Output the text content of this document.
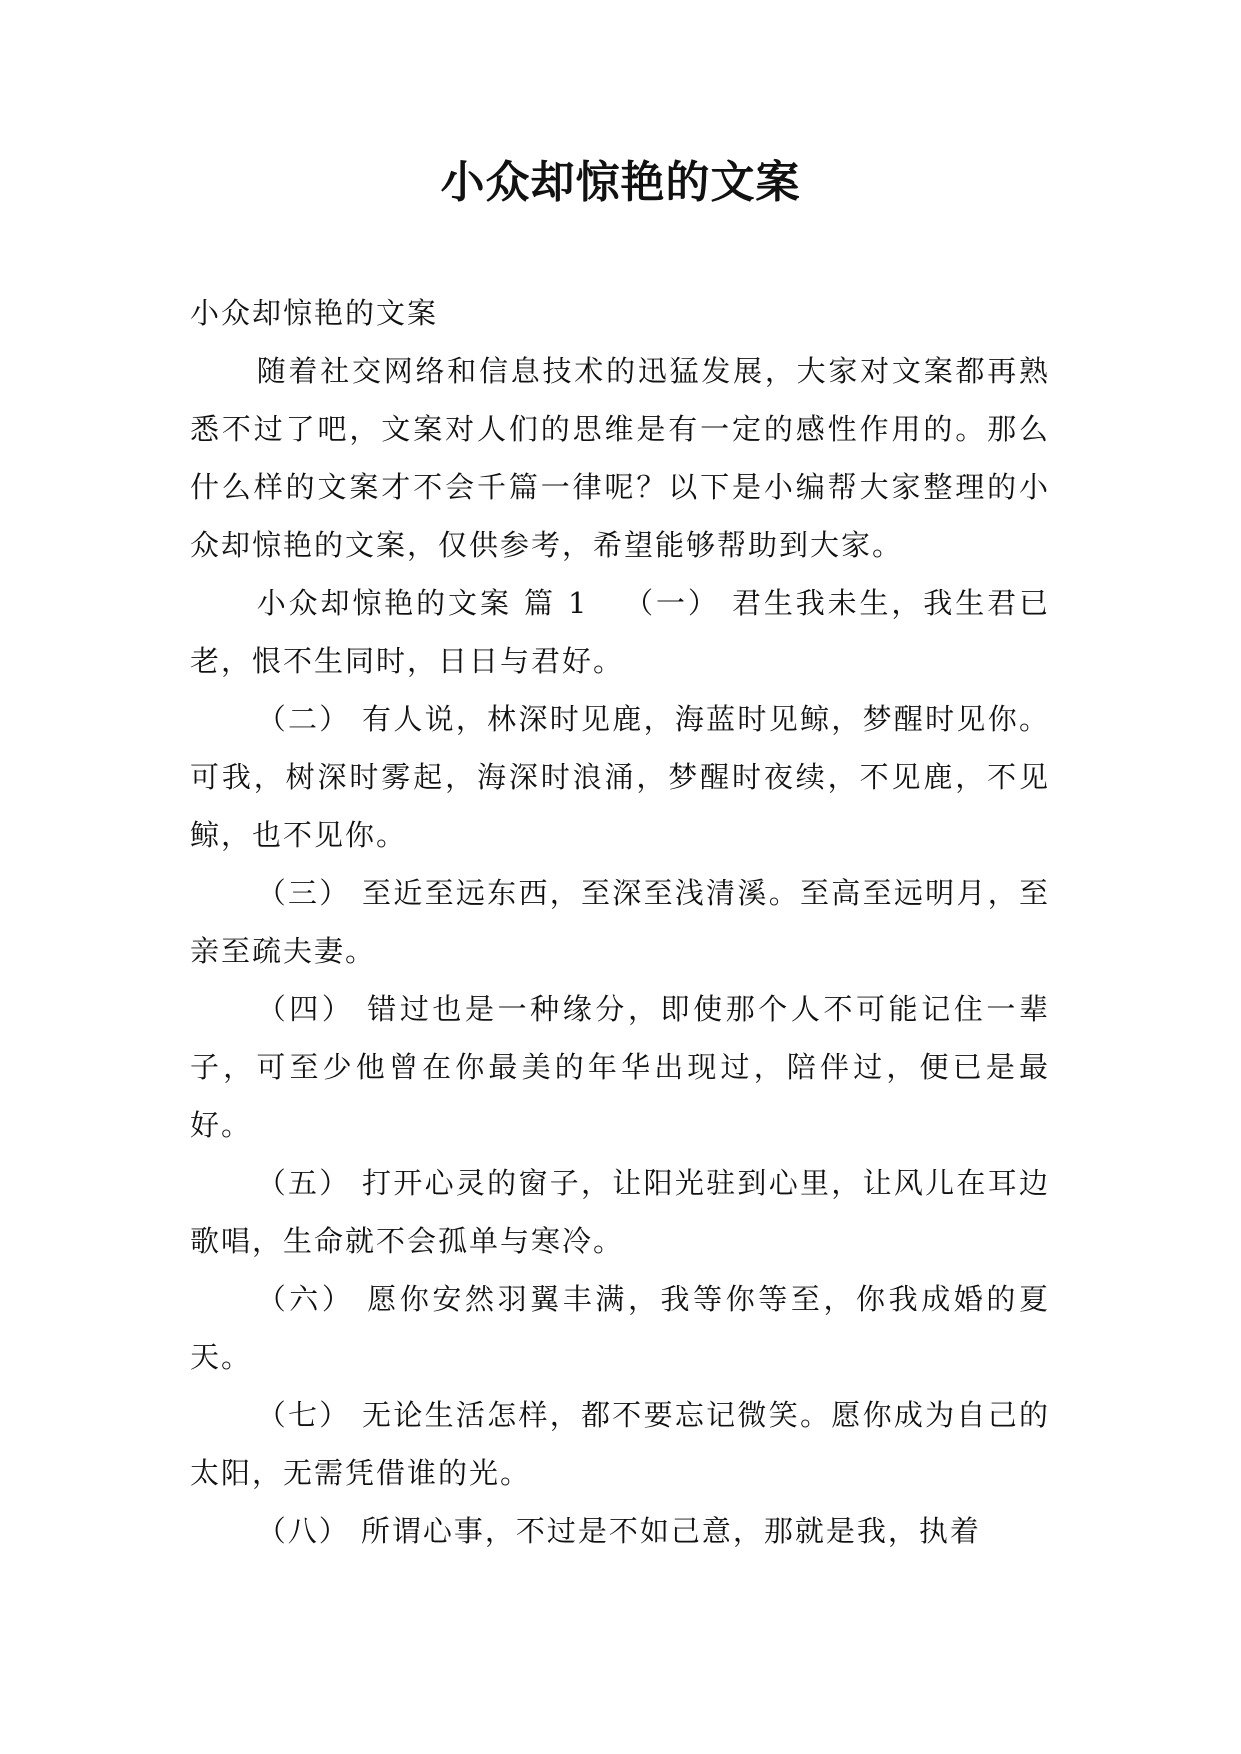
小众却惊艳的文案

小众却惊艳的文案

随着社交网络和信息技术的迅猛发展，大家对文案都再熟悉不过了吧，文案对人们的思维是有一定的感性作用的。那么什么样的文案才不会千篇一律呢？以下是小编帮大家整理的小众却惊艳的文案，仅供参考，希望能够帮助到大家。

小众却惊艳的文案 篇 1 （一） 君生我未生，我生君已老，恨不生同时，日日与君好。

（二） 有人说，林深时见鹿，海蓝时见鲸，梦醒时见你。可我，树深时雾起，海深时浪涌，梦醒时夜续，不见鹿，不见鲸，也不见你。

（三） 至近至远东西，至深至浅清溪。至高至远明月，至亲至疏夫妻。

（四） 错过也是一种缘分，即使那个人不可能记住一辈子，可至少他曾在你最美的年华出现过，陪伴过，便已是最好。

（五） 打开心灵的窗子，让阳光驻到心里，让风儿在耳边歌唱，生命就不会孤单与寒冷。

（六） 愿你安然羽翼丰满，我等你等至，你我成婚的夏天。

（七） 无论生活怎样，都不要忘记微笑。愿你成为自己的太阳，无需凭借谁的光。

（八） 所谓心事，不过是不如己意，那就是我，执着
